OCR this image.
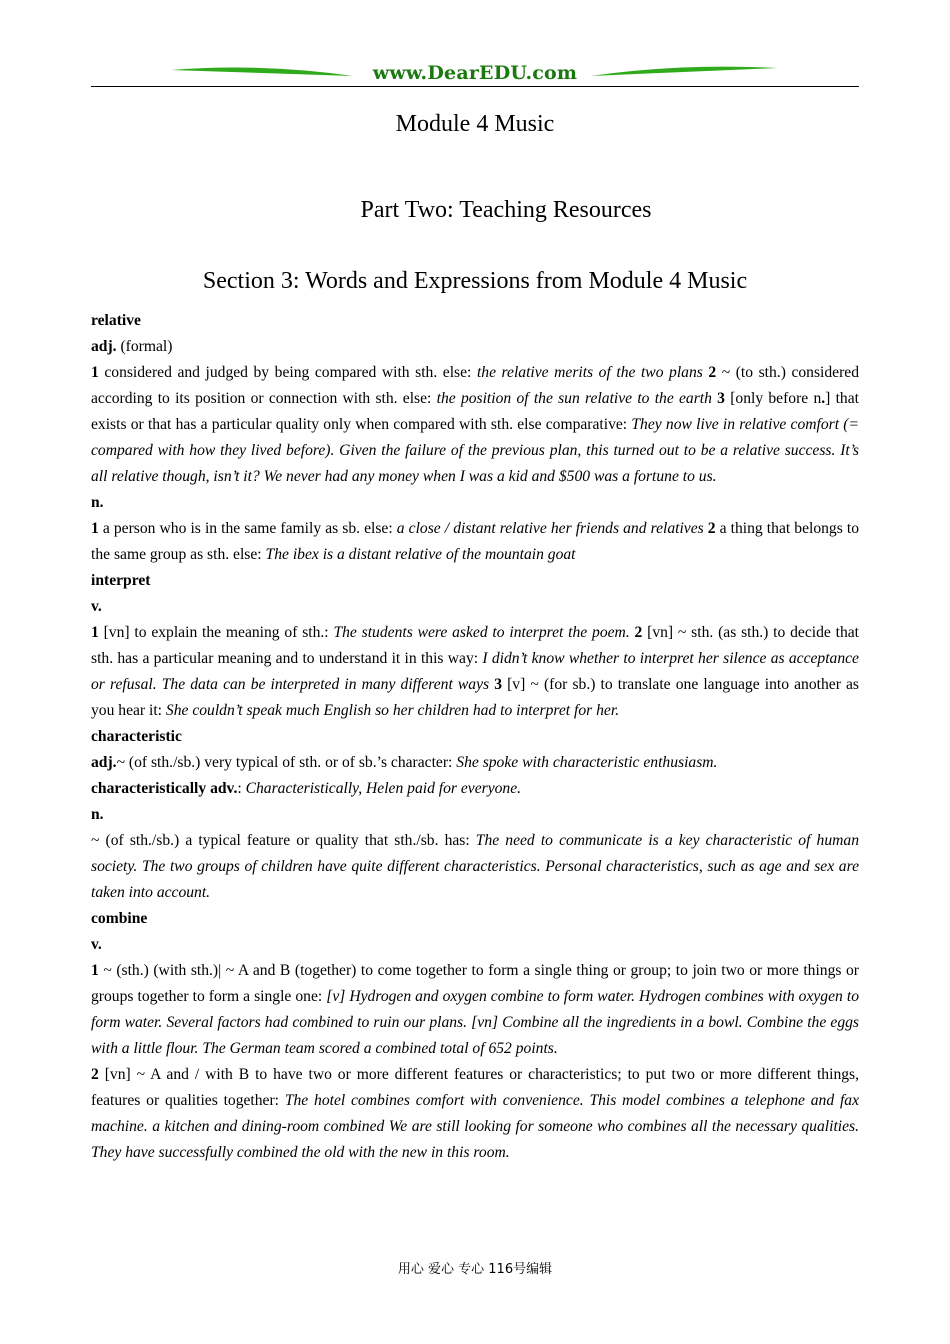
www.DearEDU.com
Module 4 Music
Part Two: Teaching Resources
Section 3: Words and Expressions from Module 4 Music

relative

adj. (formal)

1 considered and judged by being compared with sth. else: the relative merits of the two plans 2 ~ (to sth.) considered according to its position or connection with sth. else: the position of the sun relative to the earth 3 [only before n.] that exists or that has a particular quality only when compared with sth. else comparative: They now live in relative comfort (= compared with how they lived before). Given the failure of the previous plan, this turned out to be a relative success. It’s all relative though, isn’t it? We never had any money when I was a kid and $500 was a fortune to us.

n.

1 a person who is in the same family as sb. else: a close / distant relative her friends and relatives 2 a thing that belongs to the same group as sth. else: The ibex is a distant relative of the mountain goat

interpret

v.

1 [vn] to explain the meaning of sth.: The students were asked to interpret the poem. 2 [vn] ~ sth. (as sth.) to decide that sth. has a particular meaning and to understand it in this way: I didn’t know whether to interpret her silence as acceptance or refusal. The data can be interpreted in many different ways 3 [v] ~ (for sb.) to translate one language into another as you hear it: She couldn’t speak much English so her children had to interpret for her.

characteristic

adj.~ (of sth./sb.) very typical of sth. or of sb.’s character: She spoke with characteristic enthusiasm.

characteristically adv.: Characteristically, Helen paid for everyone.

n.

~ (of sth./sb.) a typical feature or quality that sth./sb. has: The need to communicate is a key characteristic of human society. The two groups of children have quite different characteristics. Personal characteristics, such as age and sex are taken into account.

combine

v.

1 ~ (sth.) (with sth.)| ~ A and B (together) to come together to form a single thing or group; to join two or more things or groups together to form a single one: [v] Hydrogen and oxygen combine to form water. Hydrogen combines with oxygen to form water. Several factors had combined to ruin our plans. [vn] Combine all the ingredients in a bowl. Combine the eggs with a little flour. The German team scored a combined total of 652 points.

2 [vn] ~ A and / with B to have two or more different features or characteristics; to put two or more different things, features or qualities together: The hotel combines comfort with convenience. This model combines a telephone and fax machine. a kitchen and dining-room combined We are still looking for someone who combines all the necessary qualities. They have successfully combined the old with the new in this room.

用心 爱心 专心 116号编辑
